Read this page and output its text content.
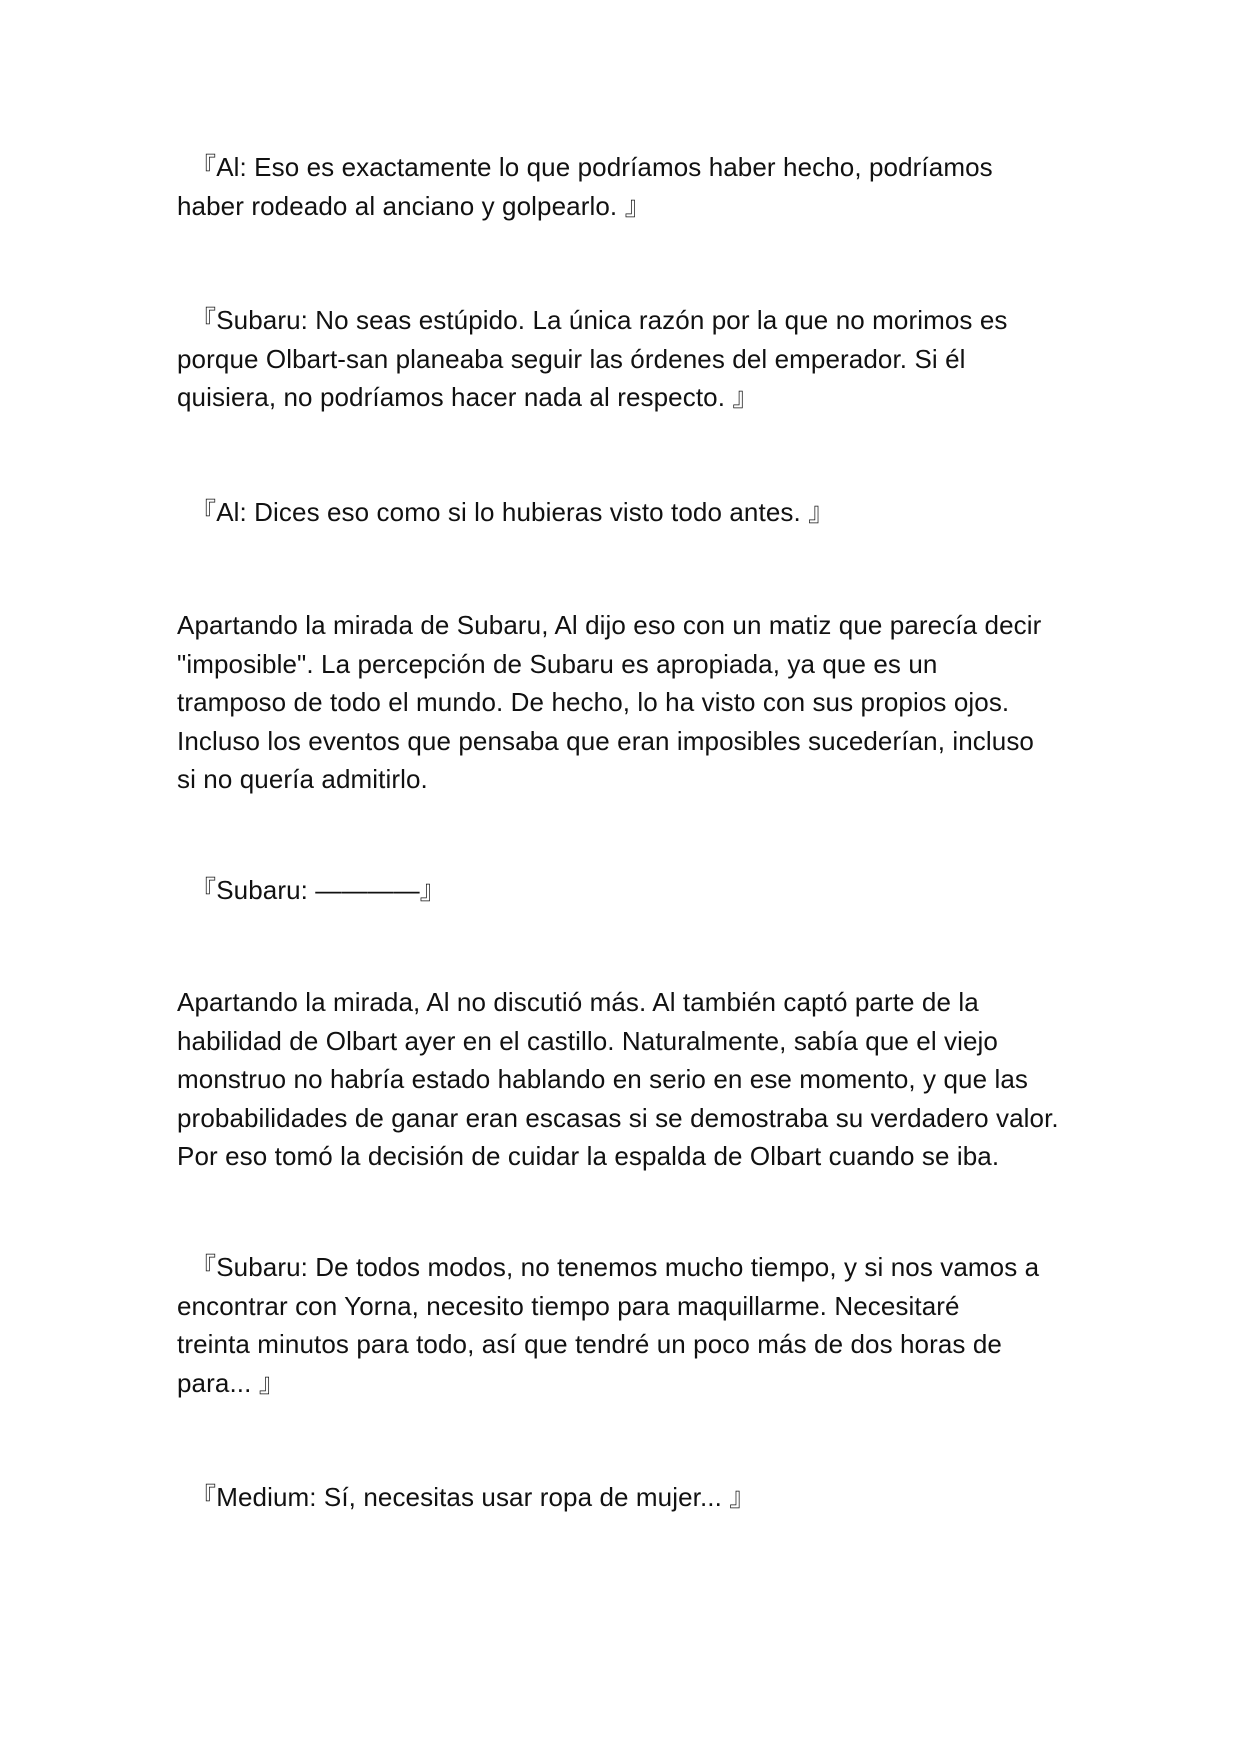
　『Al: Eso es exactamente lo que podríamos haber hecho, podríamos
haber rodeado al anciano y golpearlo. 』

　『Subaru: No seas estúpido. La única razón por la que no morimos es
porque Olbart-san planeaba seguir las órdenes del emperador. Si él
quisiera, no podríamos hacer nada al respecto. 』

　『Al: Dices eso como si lo hubieras visto todo antes. 』

Apartando la mirada de Subaru, Al dijo eso con un matiz que parecía decir
"imposible". La percepción de Subaru es apropiada, ya que es un
tramposo de todo el mundo. De hecho, lo ha visto con sus propios ojos.
Incluso los eventos que pensaba que eran imposibles sucederían, incluso
si no quería admitirlo.

　『Subaru: ————』

Apartando la mirada, Al no discutió más. Al también captó parte de la
habilidad de Olbart ayer en el castillo. Naturalmente, sabía que el viejo
monstruo no habría estado hablando en serio en ese momento, y que las
probabilidades de ganar eran escasas si se demostraba su verdadero valor.
Por eso tomó la decisión de cuidar la espalda de Olbart cuando se iba.

　『Subaru: De todos modos, no tenemos mucho tiempo, y si nos vamos a
encontrar con Yorna, necesito tiempo para maquillarme. Necesitaré
treinta minutos para todo, así que tendré un poco más de dos horas de
para... 』

　『Medium: Sí, necesitas usar ropa de mujer... 』
